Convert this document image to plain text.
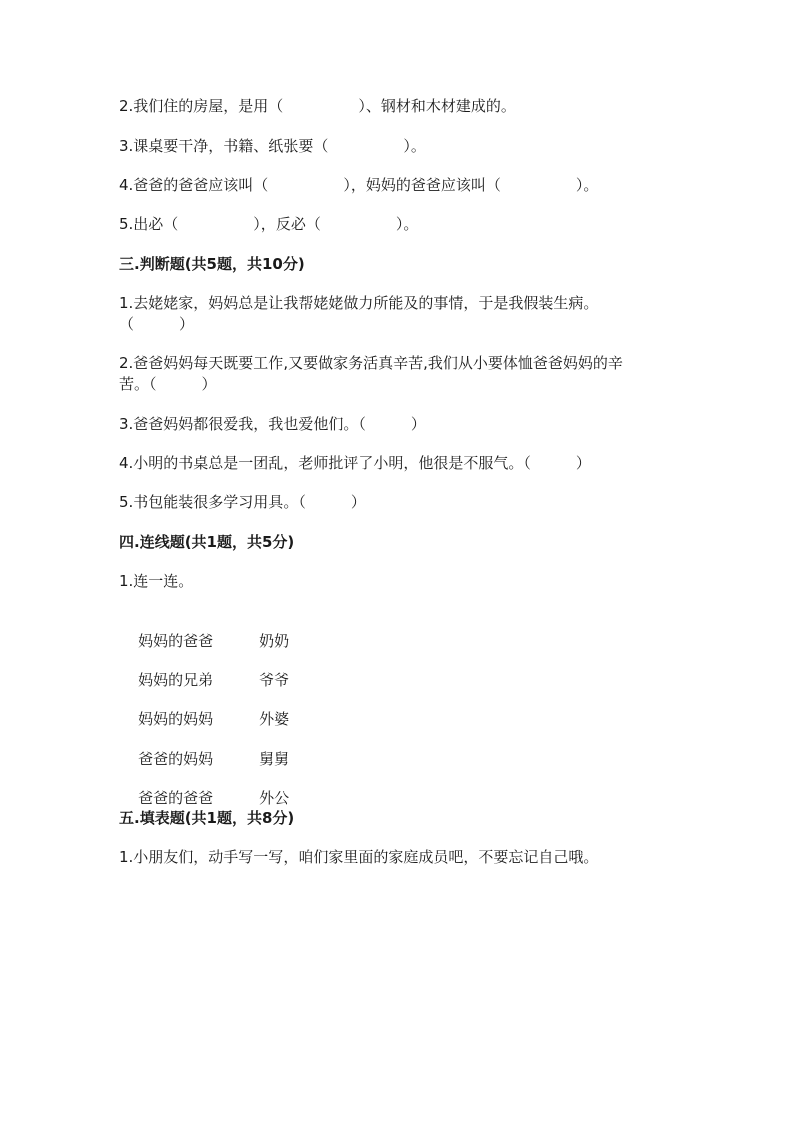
2.我们住的房屋，是用（　　　　　）、钢材和木材建成的。
3.课桌要干净，书籍、纸张要（　　　　　）。
4.爸爸的爸爸应该叫（　　　　　），妈妈的爸爸应该叫（　　　　　）。
5.出必（　　　　　），反必（　　　　　）。
三.判断题(共5题，共10分)
1.去姥姥家，妈妈总是让我帮姥姥做力所能及的事情，于是我假装生病。
（　　　）
2.爸爸妈妈每天既要工作,又要做家务活真辛苦,我们从小要体恤爸爸妈妈的辛
苦。（　　　）
3.爸爸妈妈都很爱我，我也爱他们。（　　　）
4.小明的书桌总是一团乱，老师批评了小明，他很是不服气。（　　　）
5.书包能装很多学习用具。（　　　）
四.连线题(共1题，共5分)
1.连一连。

妈妈的爸爸	奶奶

妈妈的兄弟	爷爷

妈妈的妈妈	外婆

爸爸的妈妈	舅舅

爸爸的爸爸	外公

五.填表题(共1题，共8分)
1.小朋友们，动手写一写，咱们家里面的家庭成员吧，不要忘记自己哦。
